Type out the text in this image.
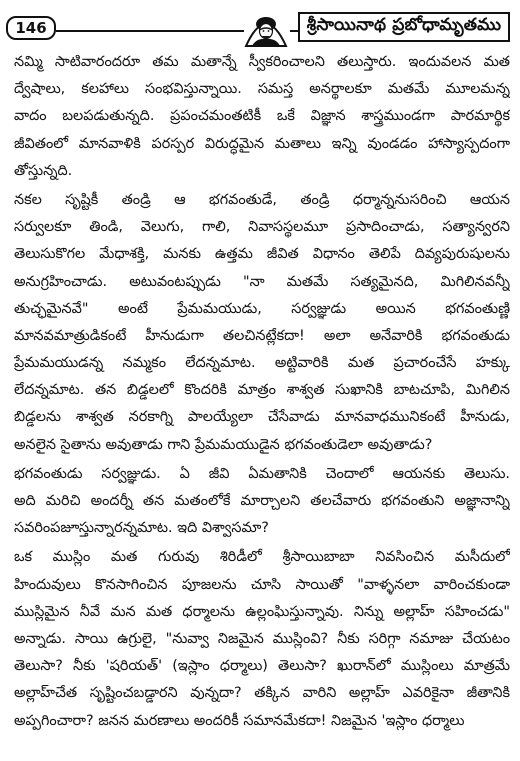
146	శ్రీసాయినాథ ప్రబోధామృతము
నమ్మి సాటివారందరూ తమ మతాన్నే స్వీకరించాలని తలుస్తారు. ఇందువలన మత
ద్వేషాలు, కలహాలు సంభవిస్తున్నాయి. సమస్త అనర్థాలకూ మతమే మూలమన్న
వాదం బలపడుతున్నది. ప్రపంచమంతటికీ ఒకే విజ్ఞాన శాస్త్రముండగా పారమార్థిక
జీవితంలో మానవాళికి పరస్పర విరుద్ధమైన మతాలు ఇన్ని వుండడం హాస్యాస్పదంగా
తోస్తున్నది.
నకల సృష్టికీ తండ్రి ఆ భగవంతుడే, తండ్రి ధర్మాన్ననుసరించి ఆయన
సర్వులకూ తిండి, వెలుగు, గాలి, నివాసస్థలమూ ప్రసాదించాడు, సత్యాన్వరని
తెలుసుకొగల మేధాశక్తి, మనకు ఉత్తమ జీవిత విధానం తెలిపే దివ్యపురుషులను
అనుగ్రహించాడు. అటువంటప్పుడు "నా మతమే సత్యమైనది, మిగిలినవన్నీ
తుచ్ఛమైనవే" అంటే ప్రేమమయుడు, సర్వజ్ఞుడు అయిన భగవంతుణ్ణి
మానవమాత్రుడికంటే హీనుడుగా తలచినట్లేకదా! అలా అనేవారికి భగవంతుడు
ప్రేమమయుడన్న నమ్మకం లేదన్నమాట. అట్టివారికి మత ప్రచారంచేసే హక్కు
లేదన్నమాట. తన బిడ్డలలో కొందరికి మాత్రం శాశ్వత సుఖానికి బాటచూపి, మిగిలిన
బిడ్డలను శాశ్వత నరకాగ్ని పాలయ్యేలా చేసేవాడు మానవాధమునికంటే హీనుడు,
అనలైన సైతాను అవుతాడు గాని ప్రేమమయుడైన భగవంతుడెలా అవుతాడు?
భగవంతుడు సర్వజ్ఞుడు. ఏ జీవి ఏమతానికి చెందాలో ఆయనకు తెలుసు.
అది మరిచి అందర్నీ తన మతంలోకే మార్చాలని తలచేవారు భగవంతుని అజ్ఞానాన్ని
సవరింపజూస్తున్నారన్నమాట. ఇది విశ్వాసమా?
ఒక ముస్లిం మత గురువు శిరిడీలో శ్రీసాయిబాబా నివసించిన మసీదులో
హిందువులు కొనసాగించిన పూజలను చూసి సాయితో "వాళ్ళనలా వారించకుండా
ముస్లిమైన నీవే మన మత ధర్మాలను ఉల్లంఘిస్తున్నావు. నిన్ను అల్లాహ్ సహించడు"
అన్నాడు. సాయి ఉగ్రులై, "నువ్వా నిజమైన ముస్లింవి? నీకు సరిగ్గా నమాజు చేయటం
తెలుసా? నీకు 'షరియత్' (ఇస్లాం ధర్మాలు) తెలుసా? ఖురాన్‌లో ముస్లింలు మాత్రమే
అల్లాహ్‌చేత సృష్టించబడ్డారని వున్నదా? తక్కిన వారిని అల్లాహ్ ఎవరికైనా జీతానికి
అప్పగించారా? జనన మరణాలు అందరికీ సమానమేకదా! నిజమైన 'ఇస్లాం ధర్మాలు
